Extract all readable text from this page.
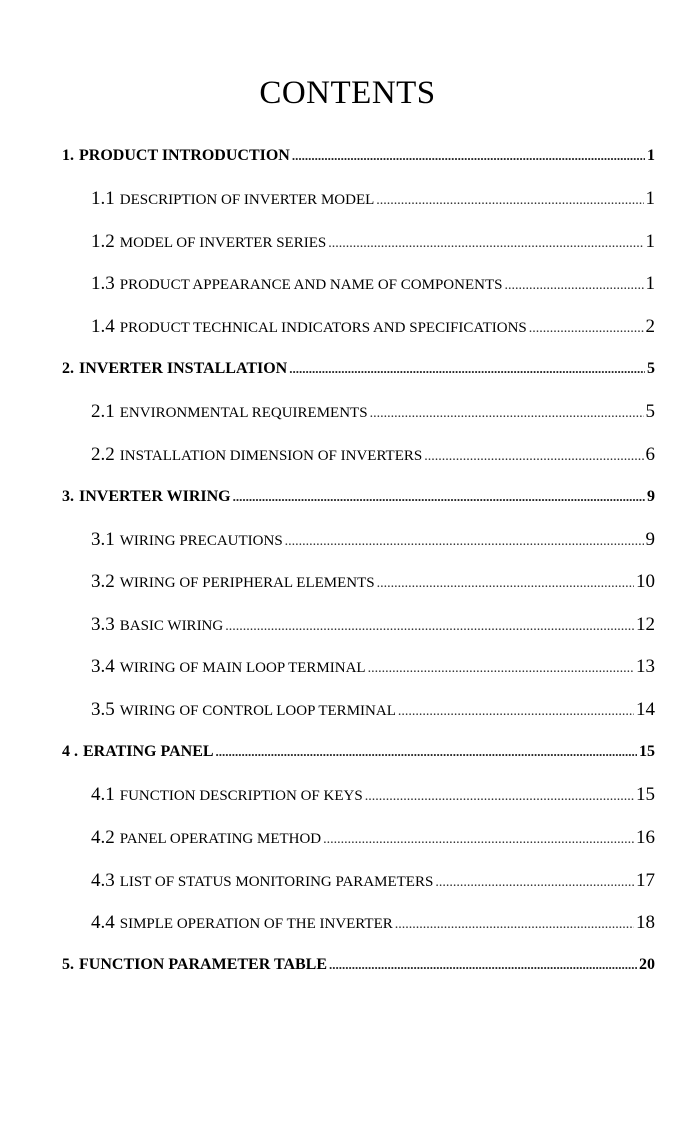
CONTENTS
1. PRODUCT INTRODUCTION .....	1
1.1 DESCRIPTION OF INVERTER MODEL .....	1
1.2 MODEL OF INVERTER SERIES .....	1
1.3 PRODUCT APPEARANCE AND NAME OF COMPONENTS .....	1
1.4 PRODUCT TECHNICAL INDICATORS AND SPECIFICATIONS .....	2
2. INVERTER INSTALLATION .....	5
2.1 ENVIRONMENTAL REQUIREMENTS .....	5
2.2 INSTALLATION DIMENSION OF INVERTERS .....	6
3. INVERTER WIRING .....	9
3.1 WIRING PRECAUTIONS .....	9
3.2 WIRING OF PERIPHERAL ELEMENTS .....	10
3.3 BASIC WIRING .....	12
3.4 WIRING OF MAIN LOOP TERMINAL .....	13
3.5 WIRING OF CONTROL LOOP TERMINAL .....	14
4 . ERATING PANEL .....	15
4.1 FUNCTION DESCRIPTION OF KEYS .....	15
4.2 PANEL OPERATING METHOD .....	16
4.3 LIST OF STATUS MONITORING PARAMETERS .....	17
4.4 SIMPLE OPERATION OF THE INVERTER .....	18
5. FUNCTION PARAMETER TABLE .....	20
